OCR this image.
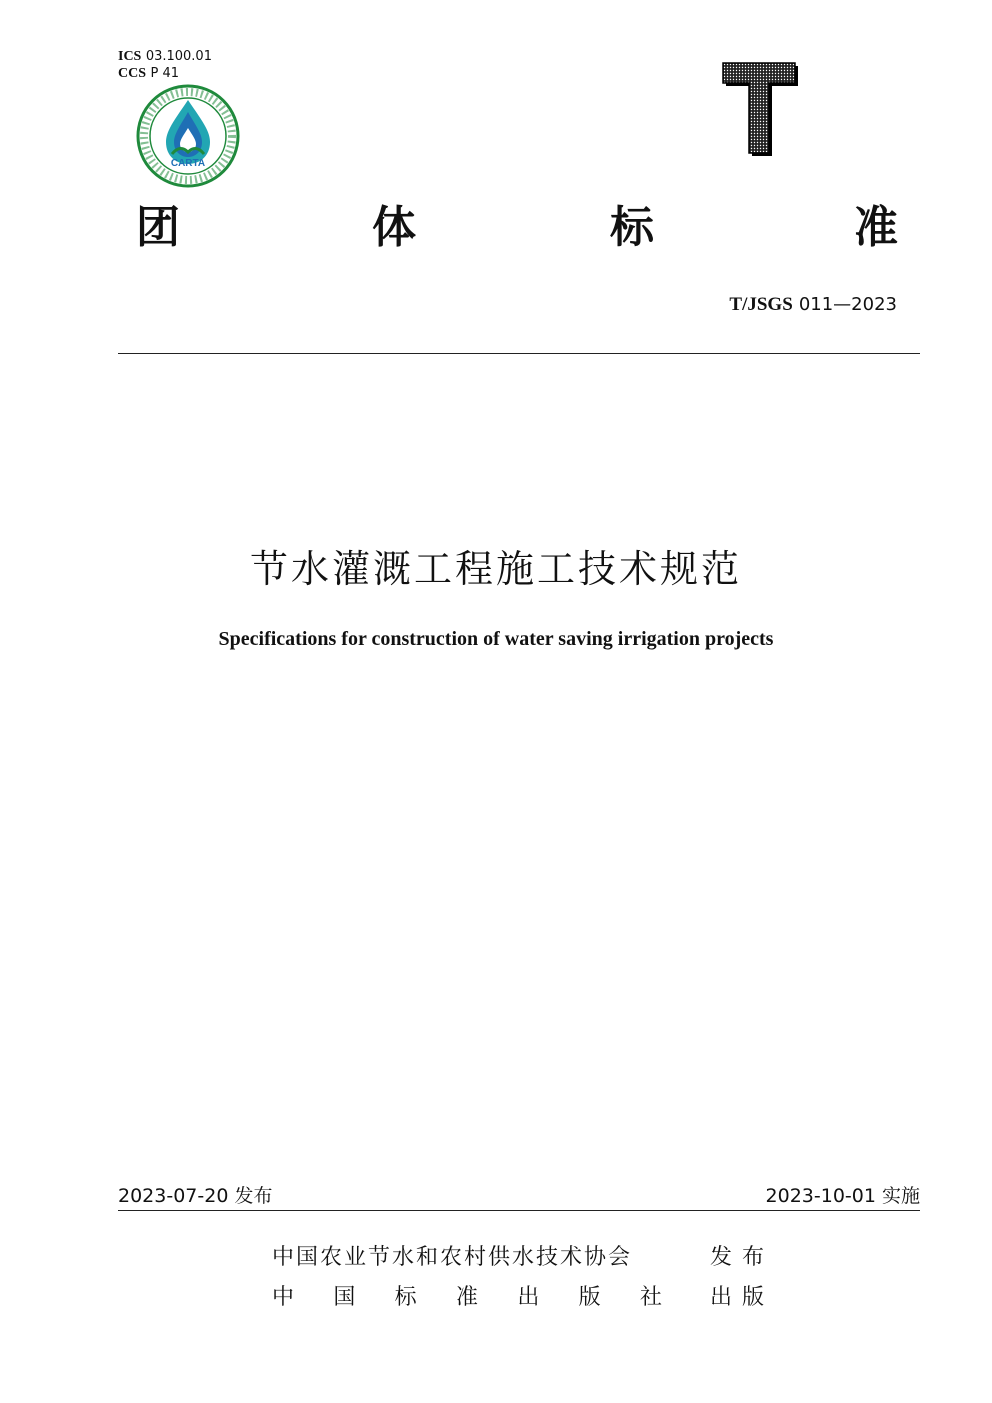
ICS 03.100.01
CCS P 41
CARTA
团	体	标	准
T/JSGS 011—2023
节水灌溉工程施工技术规范
Specifications for construction of water saving irrigation projects
2023-07-20 发布	2023-10-01 实施
中国农业节水和农村供水技术协会	发布
中 国 标 准 出 版 社 出版
